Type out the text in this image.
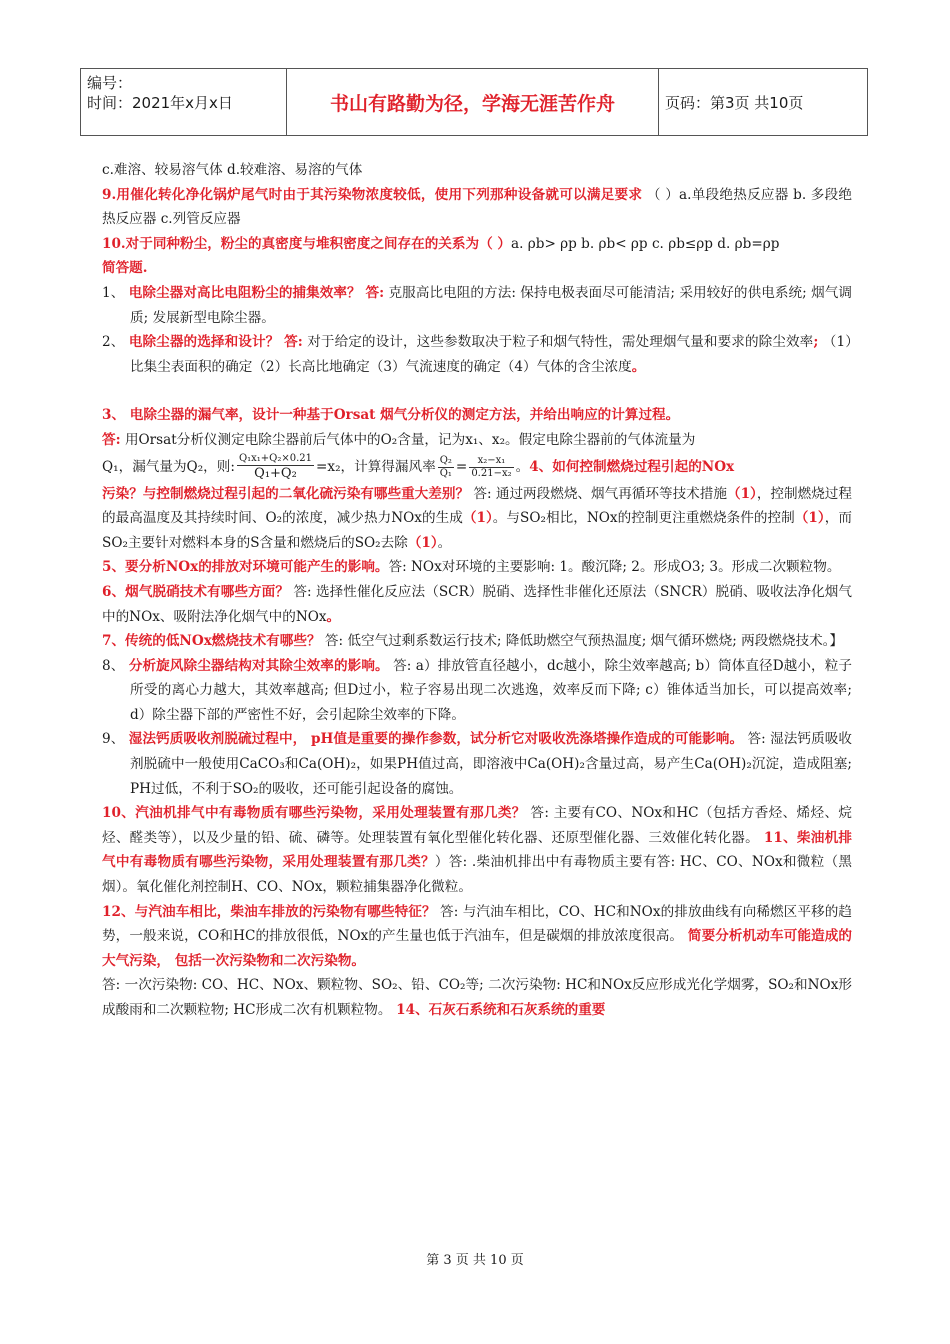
编号：
时间：2021年x月x日	书山有路勤为径，学海无涯苦作舟	页码：第3页 共10页

c.难溶、较易溶气体 d.较难溶、易溶的气体

9.用催化转化净化锅炉尾气时由于其污染物浓度较低，使用下列那种设备就可以满足要求 （ ）a.单段绝热反应器 b. 多段绝热反应器 c.列管反应器

10.对于同种粉尘，粉尘的真密度与堆积密度之间存在的关系为（ ）a. ρb> ρp b. ρb< ρp c. ρb≤ρp d. ρb=ρp

简答题.

1、 电除尘器对高比电阻粉尘的捕集效率？ 答: 克服高比电阻的方法: 保持电极表面尽可能清洁; 采用较好的供电系统; 烟气调质; 发展新型电除尘器。

2、 电除尘器的选择和设计？ 答: 对于给定的设计，这些参数取决于粒子和烟气特性，需处理烟气量和要求的除尘效率; （1）比集尘表面积的确定（2）长高比地确定（3）气流速度的确定（4）气体的含尘浓度。

3、 电除尘器的漏气率，设计一种基于Orsat 烟气分析仪的测定方法，并给出响应的计算过程。

答: 用Orsat分析仪测定电除尘器前后气体中的O₂含量，记为x₁、x₂。假定电除尘器前的气体流量为

Q₁，漏气量为Q₂，则: $\frac{\text{Q₁x₁+Q₂×0.21}}{\text{Q₁+Q₂}} =x_2$，计算得漏风率 $\frac{\text{Q₂}}{\text{Q₁}} = \frac{\text{x₂−x₁}}{\text{0.21−x₂}}$ 。4、如何控制燃烧过程引起的NOx

污染？与控制燃烧过程引起的二氧化硫污染有哪些重大差别？ 答: 通过两段燃烧、烟气再循环等技术措施（1），控制燃烧过程的最高温度及其持续时间、O₂的浓度，减少热力NOx的生成（1）。与SO₂相比，NOx的控制更注重燃烧条件的控制（1），而SO₂主要针对燃料本身的S含量和燃烧后的SO₂去除（1）。

5、要分析NOx的排放对环境可能产生的影响。答: NOx对环境的主要影响: 1。酸沉降; 2。形成O3; 3。形成二次颗粒物。

6、烟气脱硝技术有哪些方面？ 答: 选择性催化反应法（SCR）脱硝、选择性非催化还原法（SNCR）脱硝、吸收法净化烟气中的NOx、吸附法净化烟气中的NOx。

7、传统的低NOx燃烧技术有哪些？ 答: 低空气过剩系数运行技术; 降低助燃空气预热温度; 烟气循环燃烧; 两段燃烧技术。】

8、 分析旋风除尘器结构对其除尘效率的影响。 答: a）排放管直径越小，dc越小，除尘效率越高; b）筒体直径D越小，粒子所受的离心力越大，其效率越高; 但D过小，粒子容易出现二次逃逸，效率反而下降; c）锥体适当加长，可以提高效率; d）除尘器下部的严密性不好，会引起除尘效率的下降。

9、 湿法钙质吸收剂脱硫过程中， pH值是重要的操作参数，试分析它对吸收洗涤塔操作造成的可能影响。 答: 湿法钙质吸收剂脱硫中一般使用CaCO₃和Ca(OH)₂，如果PH值过高，即溶液中Ca(OH)₂含量过高，易产生Ca(OH)₂沉淀，造成阻塞; PH过低，不利于SO₂的吸收，还可能引起设备的腐蚀。

10、汽油机排气中有毒物质有哪些污染物，采用处理装置有那几类？ 答: 主要有CO、NOx和HC（包括方香烃、烯烃、烷烃、醛类等），以及少量的铅、硫、磷等。处理装置有氧化型催化转化器、还原型催化器、三效催化转化器。 11、柴油机排气中有毒物质有哪些污染物，采用处理装置有那几类？）答: .柴油机排出中有毒物质主要有答: HC、CO、NOx和微粒（黑烟）。氧化催化剂控制H、CO、NOx，颗粒捕集器净化微粒。

12、与汽油车相比，柴油车排放的污染物有哪些特征？ 答: 与汽油车相比，CO、HC和NOx的排放曲线有向稀燃区平移的趋势，一般来说，CO和HC的排放很低，NOx的产生量也低于汽油车，但是碳烟的排放浓度很高。 简要分析机动车可能造成的大气污染， 包括一次污染物和二次污染物。

答: 一次污染物: CO、HC、NOx、颗粒物、SO₂、铅、CO₂等; 二次污染物: HC和NOx反应形成光化学烟雾，SO₂和NOx形成酸雨和二次颗粒物; HC形成二次有机颗粒物。 14、石灰石系统和石灰系统的重要

第 3 页 共 10 页
